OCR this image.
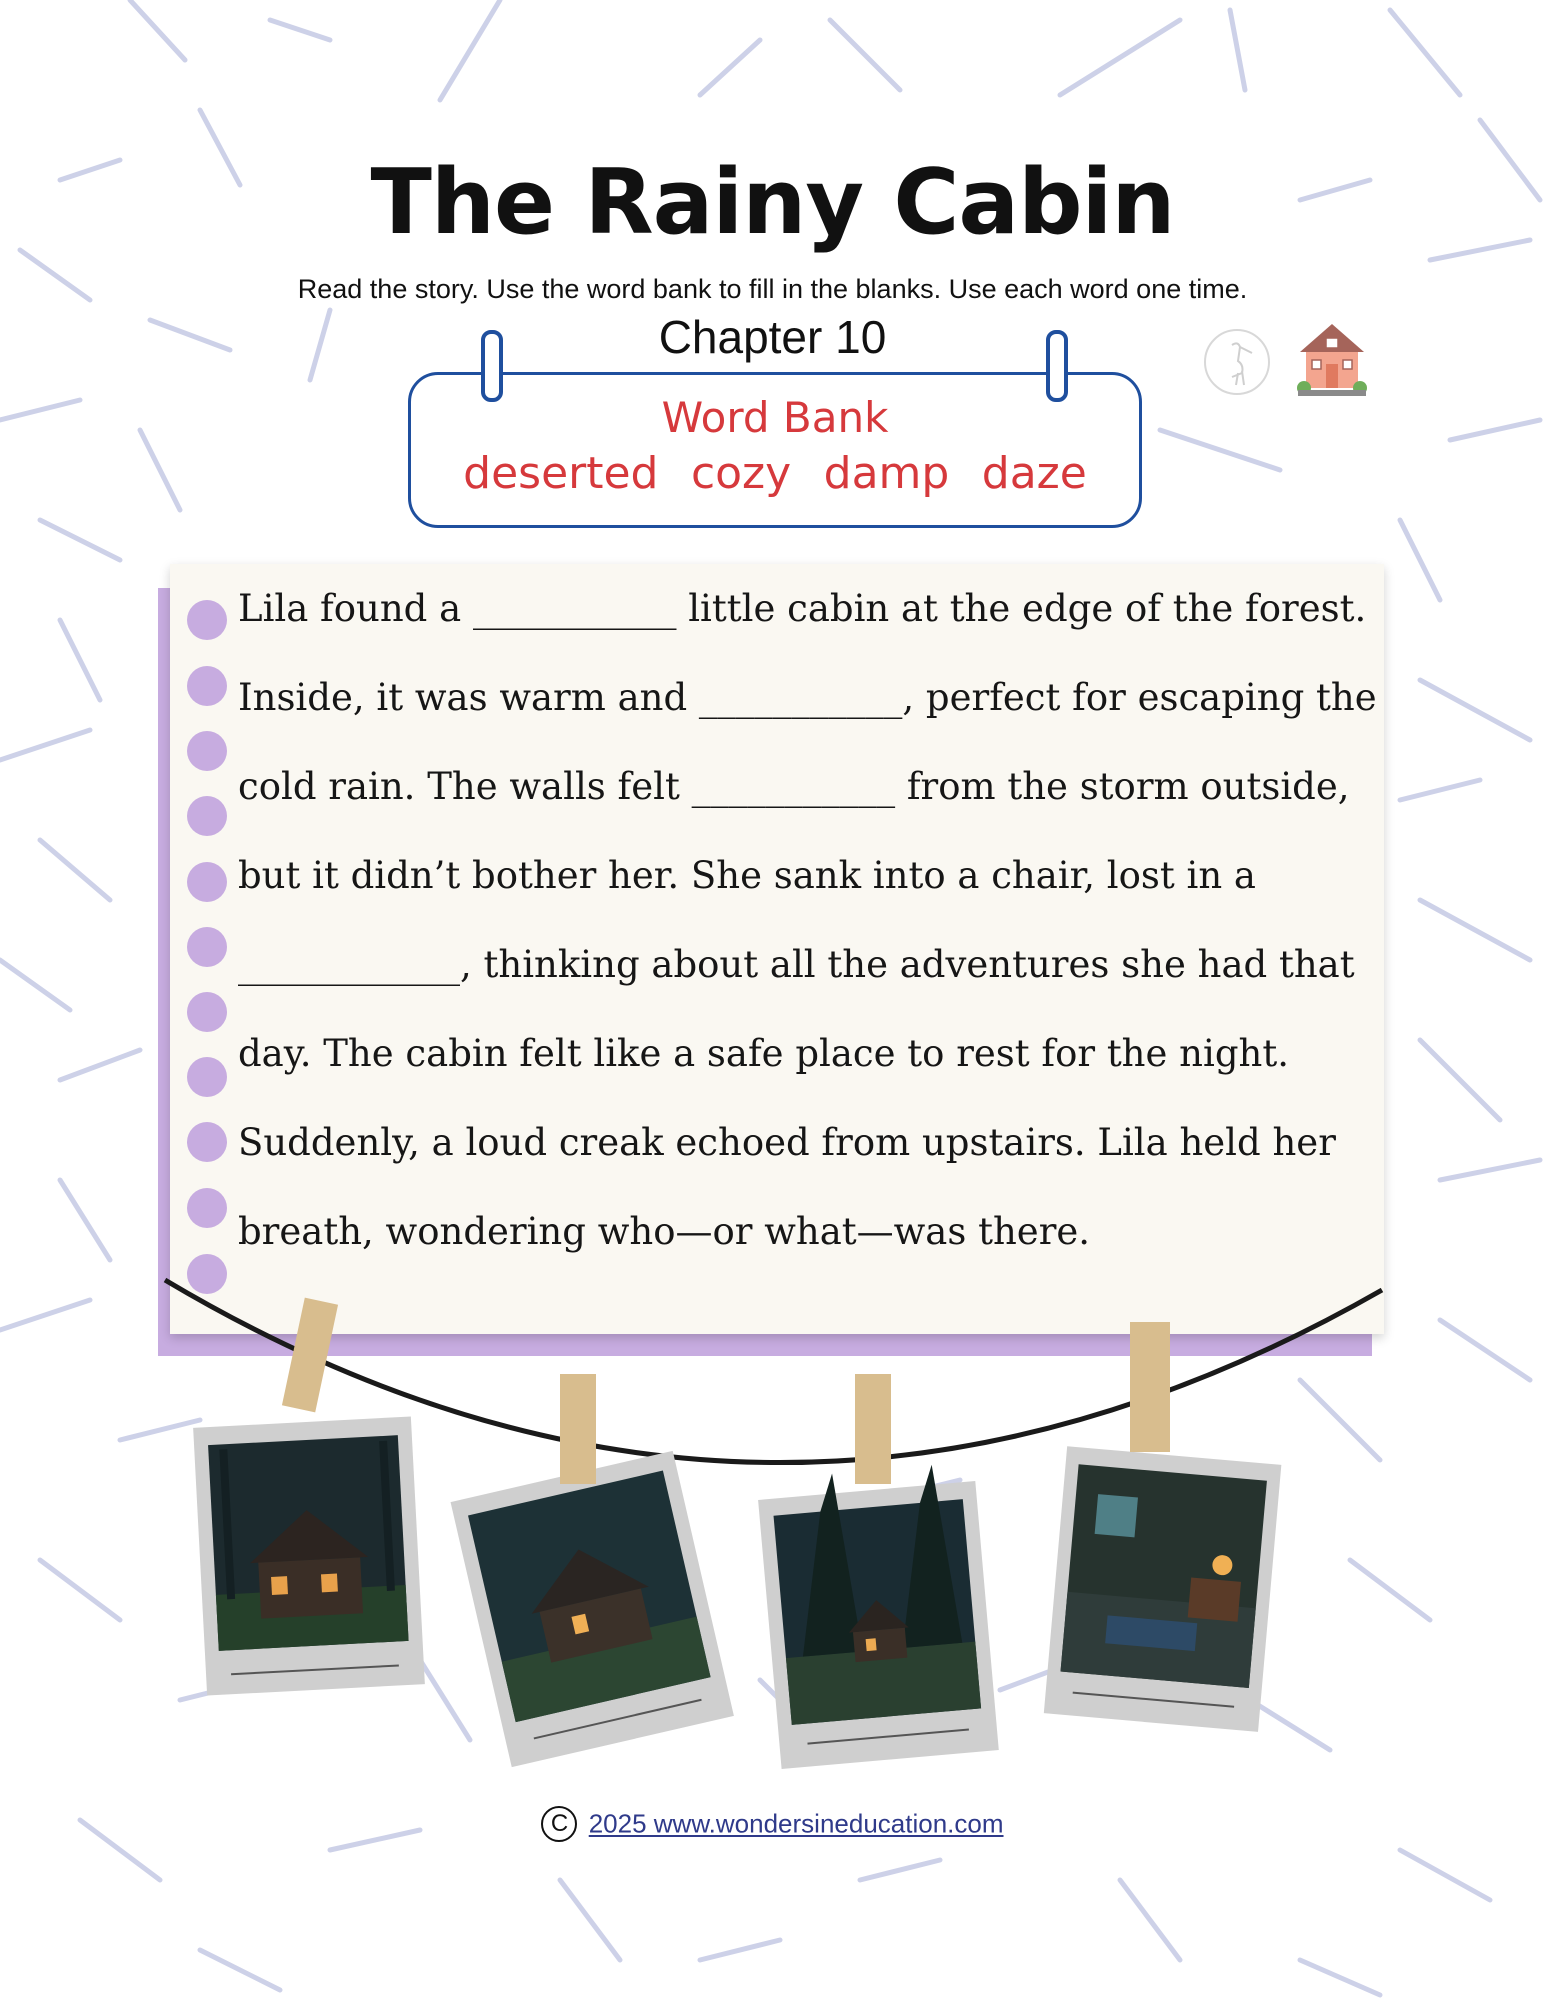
The Rainy Cabin
Read the story. Use the word bank to fill in the blanks. Use each word one time.
Chapter 10
Word Bank
deserted cozy damp daze
Lila found a ___________ little cabin at the edge of the forest.
Inside, it was warm and ___________, perfect for escaping the
cold rain. The walls felt ___________ from the storm outside,
but it didn’t bother her. She sank into a chair, lost in a
____________, thinking about all the adventures she had that
day. The cabin felt like a safe place to rest for the night.
Suddenly, a loud creak echoed from upstairs. Lila held her
breath, wondering who—or what—was there.
C 2025 www.wondersineducation.com
